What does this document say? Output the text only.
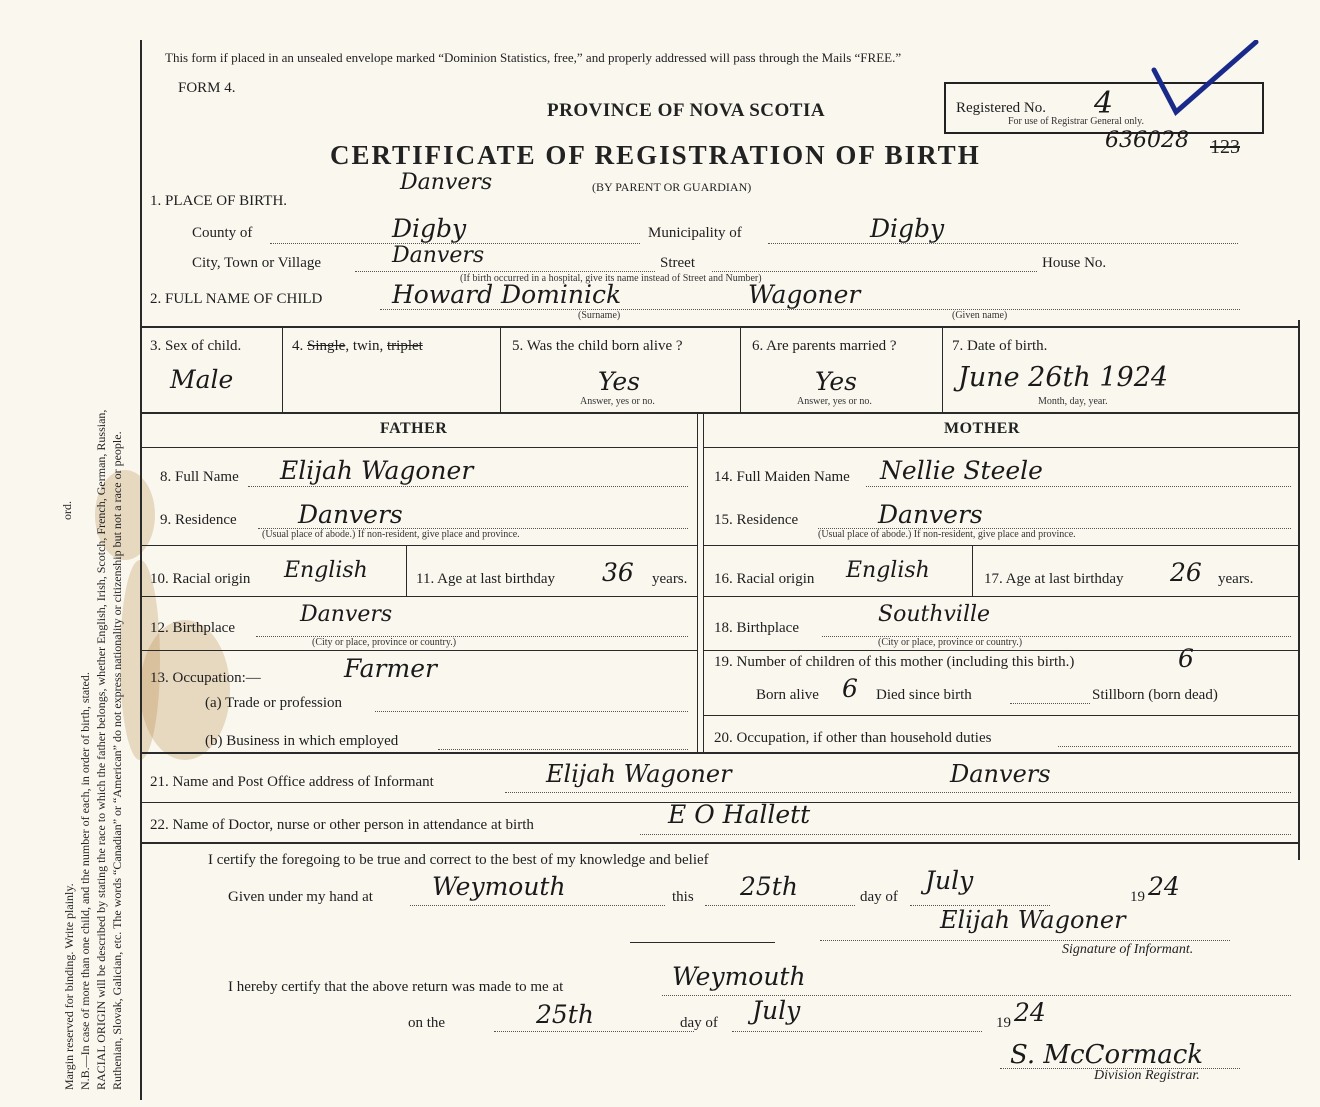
Margin reserved for binding. Write plainly. N.B.—In case of more than one child, and the number of each, in order of birth, stated. RACIAL ORIGIN will be described by stating the race to which the father belongs, whether English, Irish, Scotch, French, German, Russian, Ruthenian, Slovak, Galician, etc. The words “Canadian” or “American” do not express nationality or citizenship but not a race or people.
ord.
This form if placed in an unsealed envelope marked “Dominion Statistics, free,” and properly addressed will pass through the Mails “FREE.”
FORM 4.
PROVINCE OF NOVA SCOTIA
CERTIFICATE OF REGISTRATION OF BIRTH
(BY PARENT OR GUARDIAN)
Registered No. 4
For use of Registrar General only.
636028 123
1. PLACE OF BIRTH.
Danvers
County of	Digby	Municipality of	Digby
City, Town or Village	Danvers	Street	House No.
(If birth occurred in a hospital, give its name instead of Street and Number)
2. FULL NAME OF CHILD	Howard Dominick	Wagoner
(Surname)	(Given name)
3. Sex of child.
Male
4. Single, twin, triplet	5. Was the child born alive ?
Yes
Answer, yes or no.
6. Are parents married ?
Yes
Answer, yes or no.
7. Date of birth.
June 26th 1924
Month, day, year.
FATHER
8. Full Name Elijah Wagoner
9. Residence Danvers
(Usual place of abode.) If non-resident, give place and province.
10. Racial origin English	11. Age at last birthday 36 years.
12. Birthplace
Danvers
(City or place, province or country.)
13. Occupation:—	Farmer
(a) Trade or profession
(b) Business in which employed
MOTHER
14. Full Maiden Name Nellie Steele
15. Residence	Danvers
(Usual place of abode.) If non-resident, give place and province.
16. Racial origin English	17. Age at last birthday 26 years.
18. Birthplace
Southville
(City or place, province or country.)
19. Number of children of this mother (including this birth.)	6
Born alive 6 Died since birth	Stillborn (born dead)
20. Occupation, if other than household duties
21. Name and Post Office address of Informant	Elijah Wagoner	Danvers
22. Name of Doctor, nurse or other person in attendance at birth	E O Hallett
I certify the foregoing to be true and correct to the best of my knowledge and belief
Given under my hand at Weymouth	this 25th	day of
July
19 24
Elijah Wagoner
Signature of Informant.
I hereby certify that the above return was made to me at	Weymouth
on the	25th	day of July	19 24
S. McCormack
Division Registrar.
